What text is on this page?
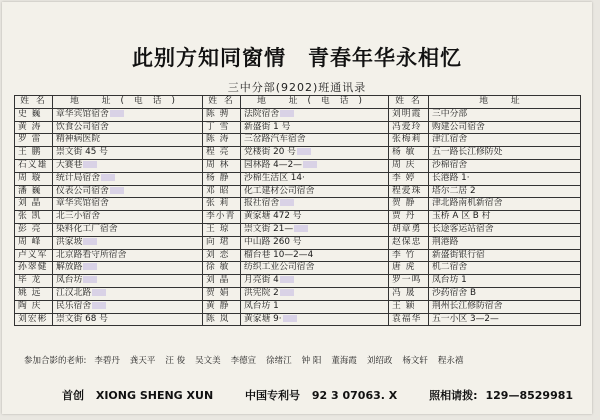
此别方知同窗情 青春年华永相忆
三中分部(9202)班通讯录
姓 名	地 址(电话)	姓 名	地 址(电话)	姓 名	地 址
史 巍	章华宾馆宿舍	陈 骋	法院宿舍	刘明霞	三中分部
黄 涛	饮食公司宿舍	丁 雪	新盛街 1 号	冯爱玲	购建公司宿舍
罗 雷	精神病医院	陈 涛	三岔路汽车宿舍	张梅莉	津江宿舍
王 鹏	崇文街 45 号	程 亮	党楼街 20 号	杨 敏	五一路长江修防处
石义雄	大赛巷	周 林	园林路 4—2—	周 庆	沙棉宿舍
周 璇	统计局宿舍	杨 静	沙棉生活区 14·	李 婷	长港路 1·
潘 巍	仪表公司宿舍	邓 昭	化工建材公司宿舍	程爱珠	塔尔二居 2
刘 晶	章华宾馆宿舍	张 莉	报社宿舍	贺 静	津北路南机新宿舍
张 凯	北三小宿舍	李小青	黄家塘 472 号	贾 丹	玉桥 A 区 B 村
彭 亮	染料化工厂宿舍	王 琼	崇文街 21—	胡章勇	长途客运站宿舍
周 峰	洪家坡	向 珺	中山路 260 号	赵保忠	荆港路
卢义军	北京路看守所宿舍	刘 恋	榴台巷 10—2—4	李 竹	新盛街银行宿
孙翠健	解放路	徐 敏	纺织工业公司宿舍	唐 虎	机二宿舍
毕 龙	凤台坊	刘 晶	月亮街 4	罗一鸣	凤台坊 1
姚 远	江汉北路	贺 娟	洪宪院 2	冯 晟	沙药宿舍 B
陶 庆	民乐宿舍	黄 静	凤台坊 1	王 颖	荆州长江修防宿舍
刘宏彬	崇文街 68 号	陈 岚	黄家塘 9·	袁福华	五一小区 3—2—
参加合影的老师: 李碧丹 龚天平 汪 俊 吴文美 李德宣 徐绪江 钟 阳 董海霞 刘绍政 杨文轩 程永禧
首创 XIONG SHENG XUN	中国专利号 92 3 07063. X	照相请拨: 129—8529981
